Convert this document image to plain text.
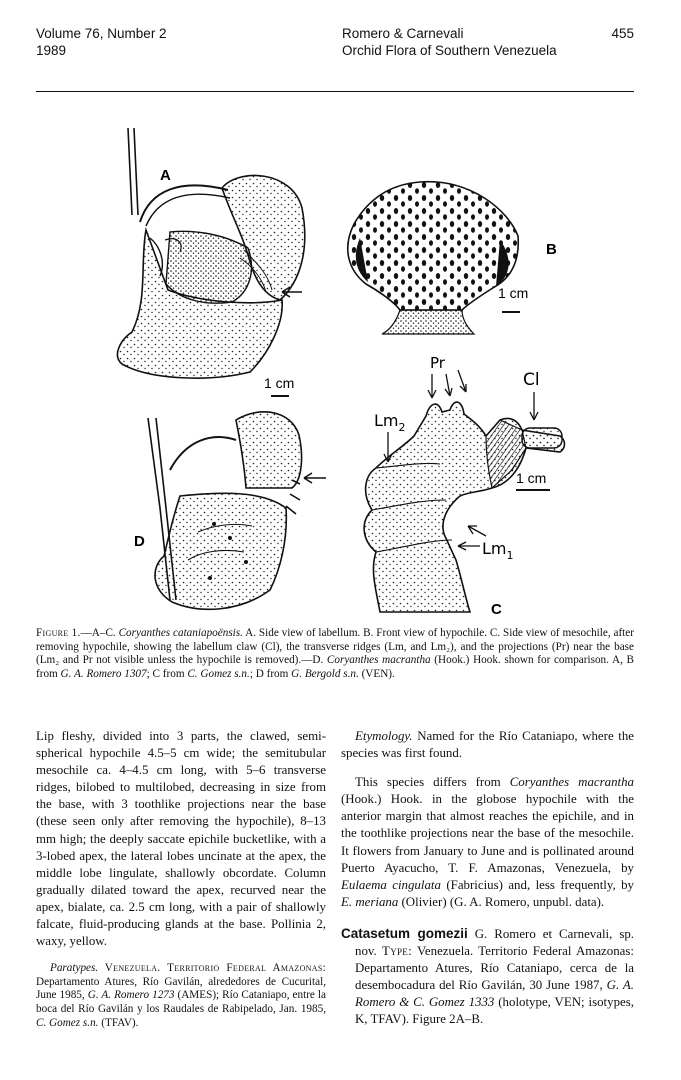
Volume 76, Number 2
1989
Romero & Carnevali
Orchid Flora of Southern Venezuela
455
A
1 cm
B
1 cm
Pr
Cl
$Lm_2$
$Lm_1$
1 cm
C
D
Figure 1.—A–C. Coryanthes cataniapoënsis. A. Side view of labellum. B. Front view of hypochile. C. Side view of mesochile, after removing hypochile, showing the labellum claw (Cl), the transverse ridges (Lm, and Lm₂), and the projections (Pr) near the base (Lm₂ and Pr not visible unless the hypochile is removed).—D. Coryanthes macrantha (Hook.) Hook. shown for comparison. A, B from G. A. Romero 1307; C from C. Gomez s.n.; D from G. Bergold s.n. (VEN).

Lip fleshy, divided into 3 parts, the clawed, semispherical hypochile 4.5–5 cm wide; the semitubular mesochile ca. 4–4.5 cm long, with 5–6 transverse ridges, bilobed to multilobed, decreasing in size from the base, with 3 toothlike projections near the base (these seen only after removing the hypochile), 8–13 mm high; the deeply saccate epichile bucketlike, with a 3-lobed apex, the lateral lobes uncinate at the apex, the middle lobe lingulate, shallowly obcordate. Column gradually dilated toward the apex, recurved near the apex, bialate, ca. 2.5 cm long, with a pair of shallowly falcate, fluid-producing glands at the base. Pollinia 2, waxy, yellow.

Paratypes. Venezuela. Territorio Federal Amazonas: Departamento Atures, Río Gavilán, alrededores de Cucurital, June 1985, G. A. Romero 1273 (AMES); Río Cataniapo, entre la boca del Río Gavilán y los Raudales de Rabipelado, Jan. 1985, C. Gomez s.n. (TFAV).

Etymology. Named for the Río Cataniapo, where the species was first found.

This species differs from Coryanthes macrantha (Hook.) Hook. in the globose hypochile with the anterior margin that almost reaches the epichile, and in the toothlike projections near the base of the mesochile. It flowers from January to June and is pollinated around Puerto Ayacucho, T. F. Amazonas, Venezuela, by Eulaema cingulata (Fabricius) and, less frequently, by E. meriana (Olivier) (G. A. Romero, unpubl. data).

Catasetum gomezii G. Romero et Carnevali, sp. nov. Type: Venezuela. Territorio Federal Amazonas: Departamento Atures, Río Cataniapo, cerca de la desembocadura del Río Gavilán, 30 June 1987, G. A. Romero & C. Gomez 1333 (holotype, VEN; isotypes, K, TFAV). Figure 2A–B.
